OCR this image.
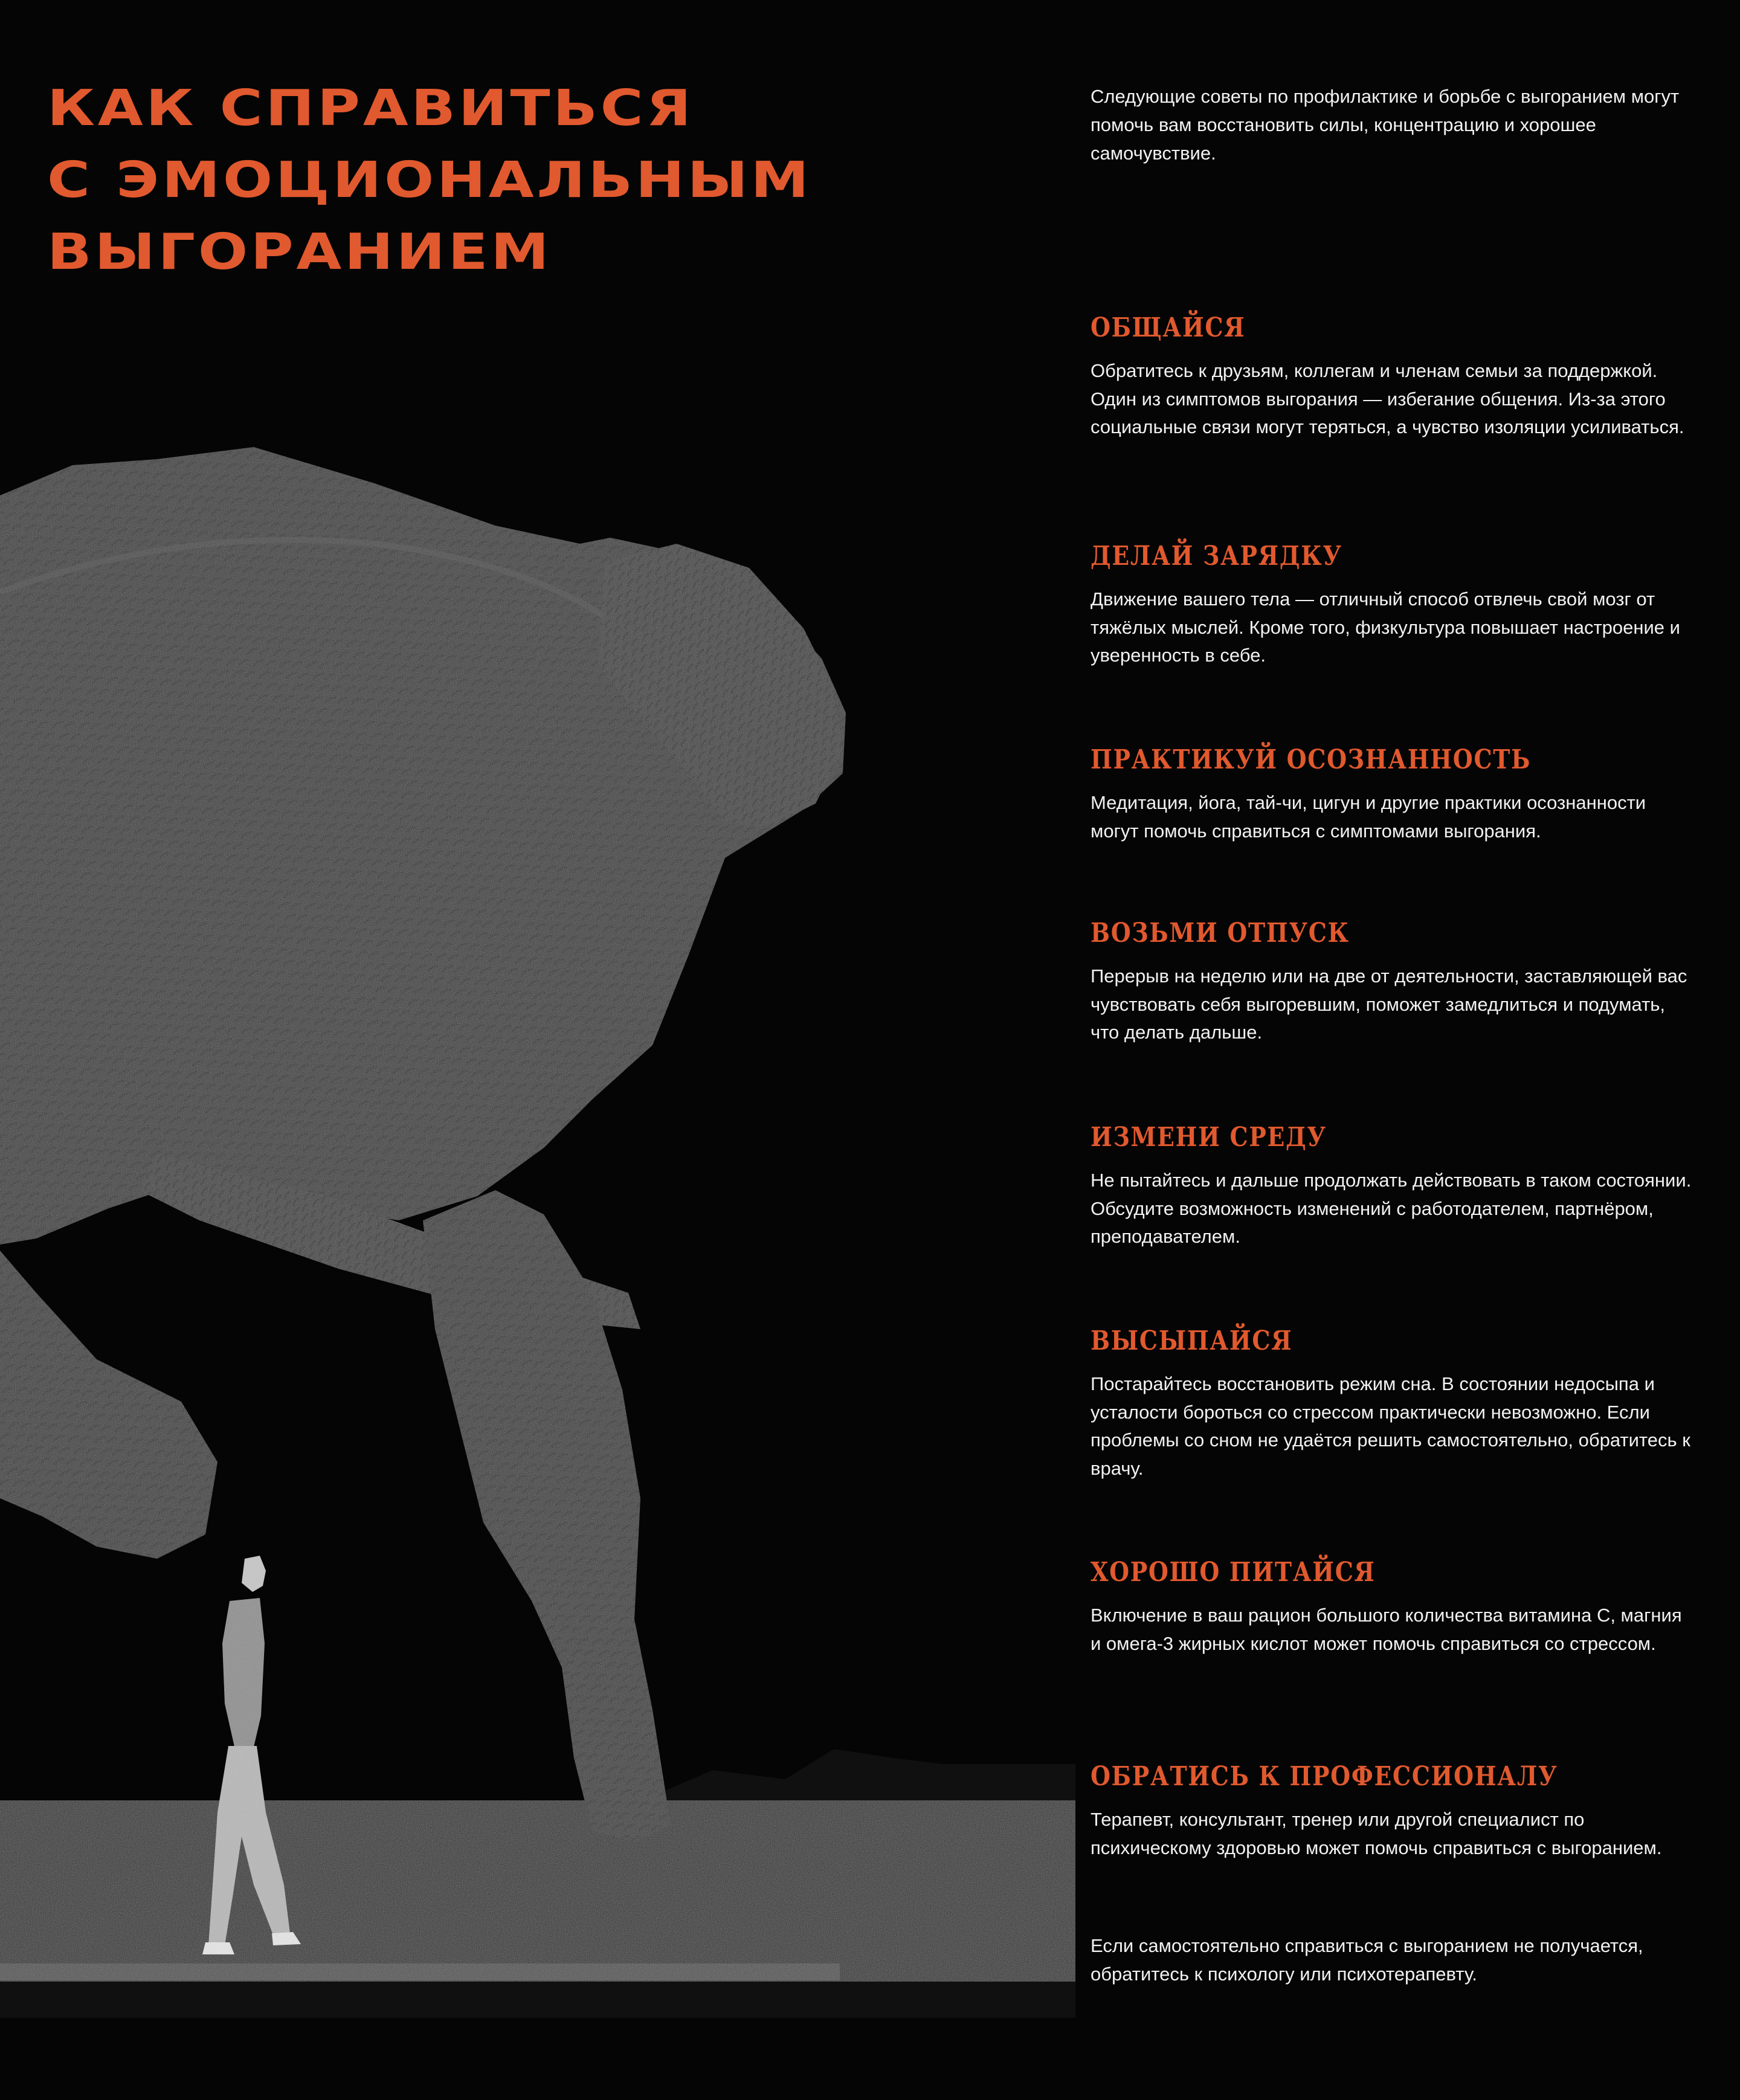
КАК СПРАВИТЬСЯ
С ЭМОЦИОНАЛЬНЫМ
ВЫГОРАНИЕМ

Следующие советы по профилактике и борьбе с выгоранием могут помочь вам восстановить силы, концентрацию и хорошее самочувствие.

ОБЩАЙСЯ

Обратитесь к друзьям, коллегам и членам семьи за поддержкой. Один из симптомов выгорания — избегание общения. Из-за этого социальные связи могут теряться, а чувство изоляции усиливаться.

ДЕЛАЙ ЗАРЯДКУ

Движение вашего тела — отличный способ отвлечь свой мозг от тяжёлых мыслей. Кроме того, физкультура повышает настроение и уверенность в себе.

ПРАКТИКУЙ ОСОЗНАННОСТЬ

Медитация, йога, тай-чи, цигун и другие практики осознанности могут помочь справиться с симптомами выгорания.

ВОЗЬМИ ОТПУСК

Перерыв на неделю или на две от деятельности, заставляющей вас чувствовать себя выгоревшим, поможет замедлиться и подумать, что делать дальше.

ИЗМЕНИ СРЕДУ

Не пытайтесь и дальше продолжать действовать в таком состоянии. Обсудите возможность изменений с работодателем, партнёром, преподавателем.

ВЫСЫПАЙСЯ

Постарайтесь восстановить режим сна. В состоянии недосыпа и усталости бороться со стрессом практически невозможно. Если проблемы со сном не удаётся решить самостоятельно, обратитесь к врачу.

ХОРОШО ПИТАЙСЯ

Включение в ваш рацион большого количества витамина С, магния и омега-3 жирных кислот может помочь справиться со стрессом.

ОБРАТИСЬ К ПРОФЕССИОНАЛУ

Терапевт, консультант, тренер или другой специалист по психическому здоровью может помочь справиться с выгоранием.

Если самостоятельно справиться с выгоранием не получается, обратитесь к психологу или психотерапевту.
